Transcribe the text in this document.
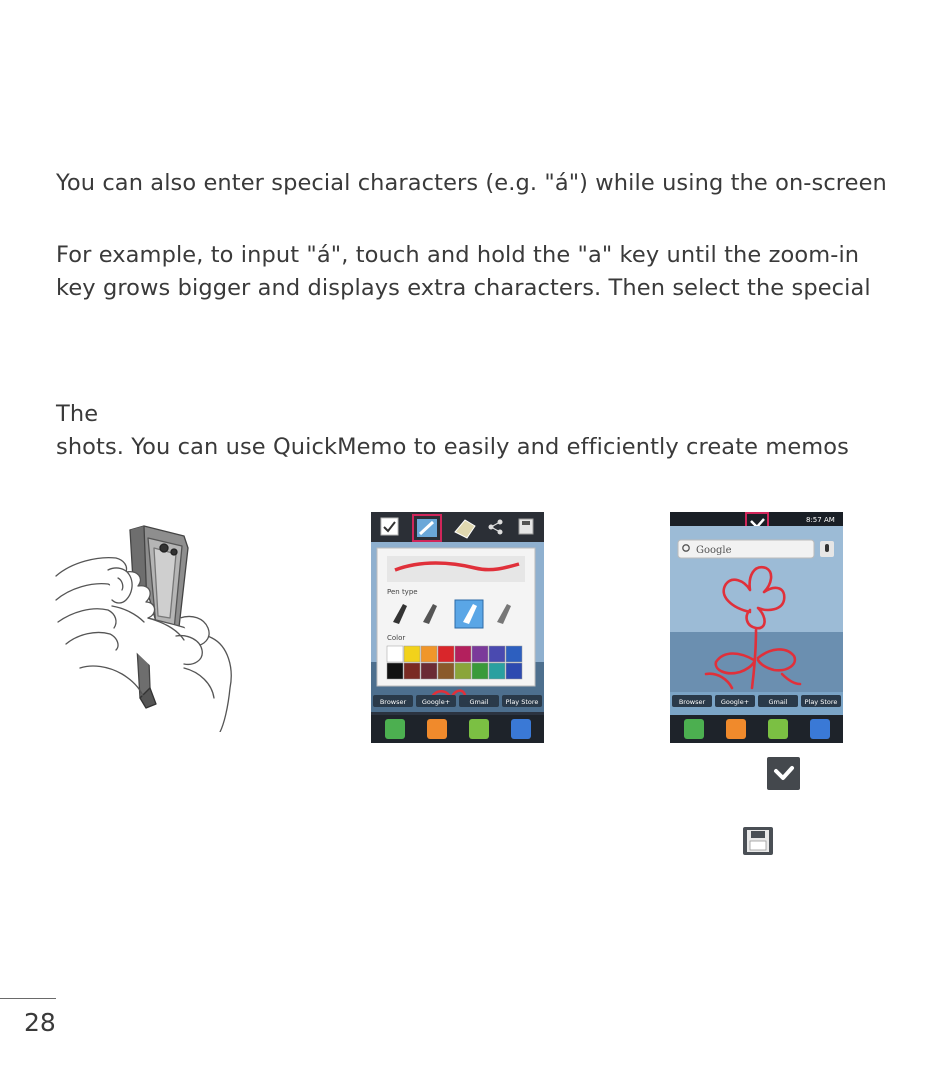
You can also enter special characters (e.g. "á") while using the on-screen

For example, to input "á", touch and hold the "a" key until the zoom-in
key grows bigger and displays extra characters. Then select the special

The
shots. You can use QuickMemo to easily and efficiently create memos

Pen type
Color
Browser Google+	Gmail	Play Store
8:57 AM
Google
Browser Google+	Gmail	Play Store
28
